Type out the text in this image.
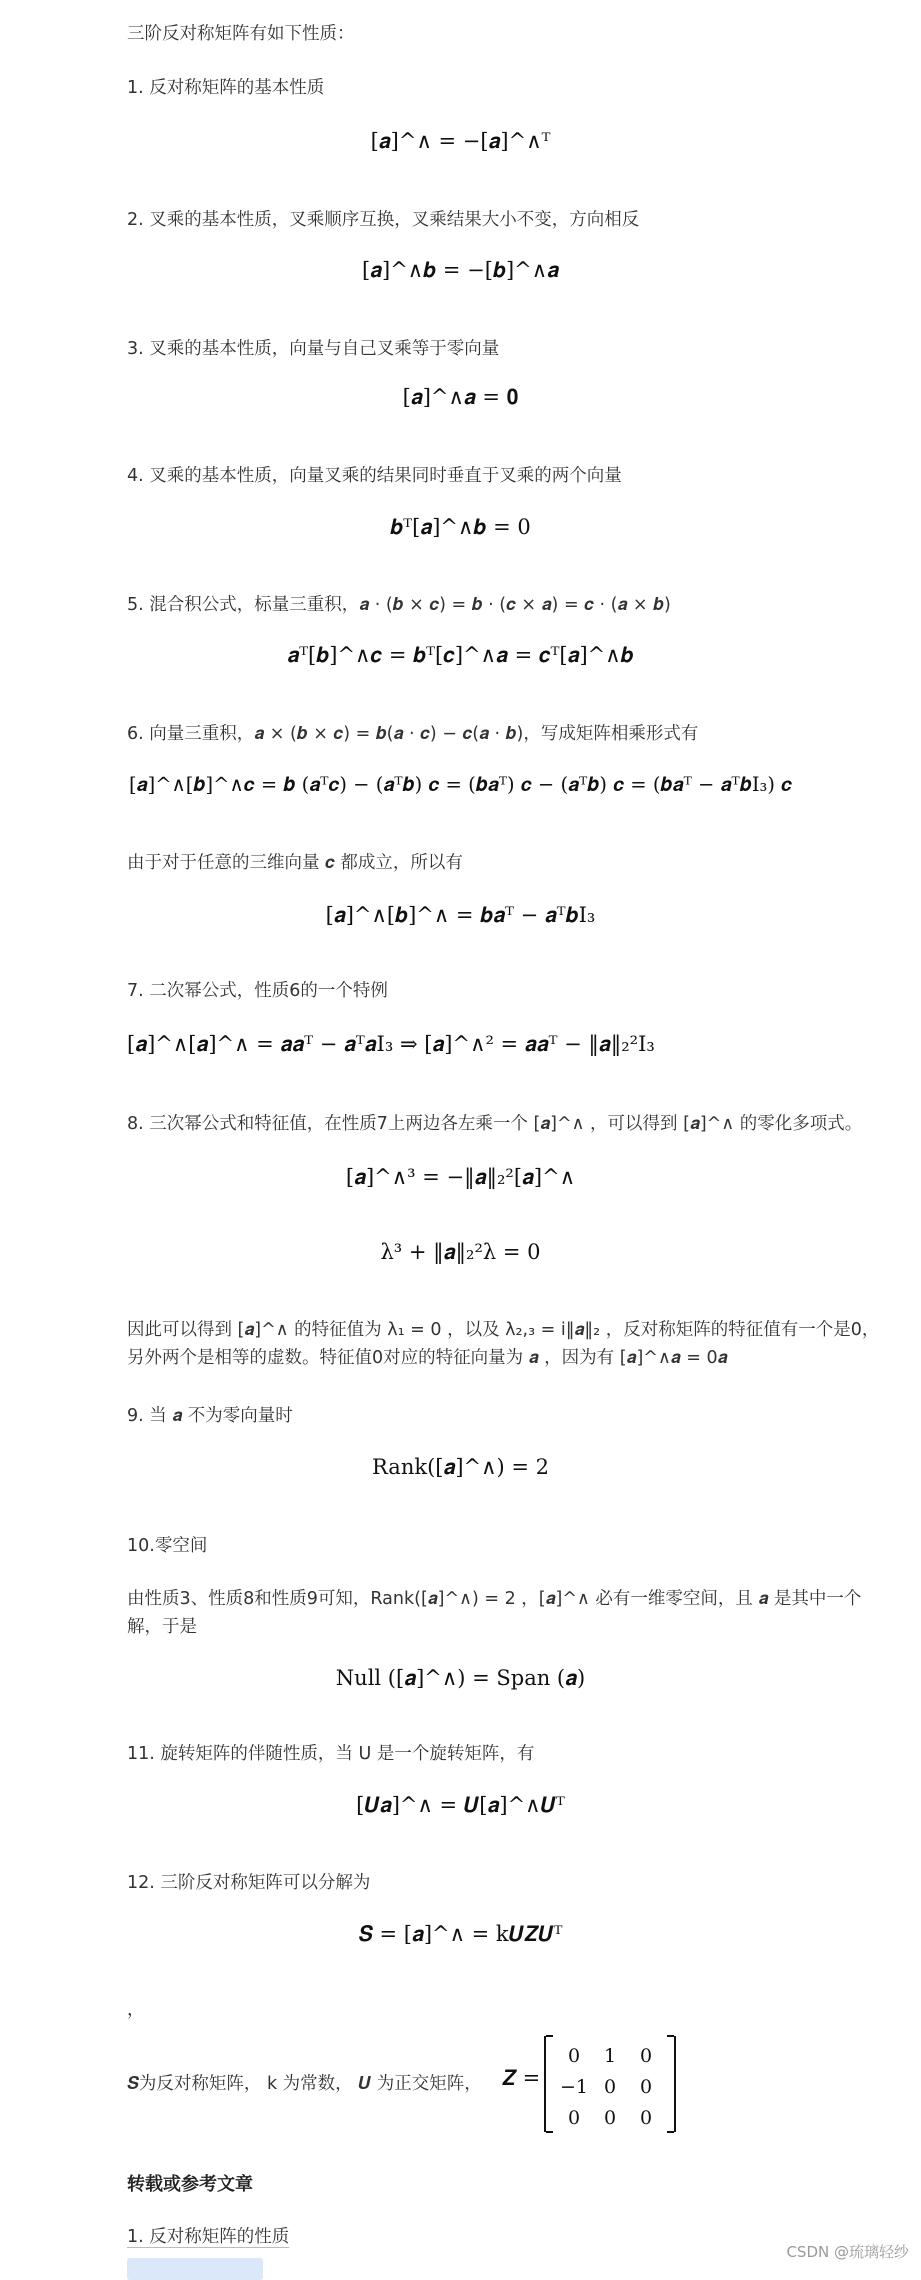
三阶反对称矩阵有如下性质：
1. 反对称矩阵的基本性质
[𝒂]^∧ = −[𝒂]^∧ᵀ
2. 叉乘的基本性质，叉乘顺序互换，叉乘结果大小不变，方向相反
[𝒂]^∧𝒃 = −[𝒃]^∧𝒂
3. 叉乘的基本性质，向量与自己叉乘等于零向量
[𝒂]^∧𝒂 = 𝟎
4. 叉乘的基本性质，向量叉乘的结果同时垂直于叉乘的两个向量
𝒃ᵀ[𝒂]^∧𝒃 = 0
5. 混合积公式，标量三重积，𝒂 · (𝒃 × 𝒄) = 𝒃 · (𝒄 × 𝒂) = 𝒄 · (𝒂 × 𝒃)
𝒂ᵀ[𝒃]^∧𝒄 = 𝒃ᵀ[𝒄]^∧𝒂 = 𝒄ᵀ[𝒂]^∧𝒃
6. 向量三重积，𝒂 × (𝒃 × 𝒄) = 𝒃(𝒂 · 𝒄) − 𝒄(𝒂 · 𝒃)，写成矩阵相乘形式有
[𝒂]^∧[𝒃]^∧𝒄 = 𝒃 (𝒂ᵀ𝒄) − (𝒂ᵀ𝒃) 𝒄 = (𝒃𝒂ᵀ) 𝒄 − (𝒂ᵀ𝒃) 𝒄 = (𝒃𝒂ᵀ − 𝒂ᵀ𝒃I₃) 𝒄
由于对于任意的三维向量 𝒄 都成立，所以有
[𝒂]^∧[𝒃]^∧ = 𝒃𝒂ᵀ − 𝒂ᵀ𝒃I₃
7. 二次幂公式，性质6的一个特例
[𝒂]^∧[𝒂]^∧ = 𝒂𝒂ᵀ − 𝒂ᵀ𝒂I₃ ⇒ [𝒂]^∧² = 𝒂𝒂ᵀ − ‖𝒂‖₂²I₃
8. 三次幂公式和特征值，在性质7上两边各左乘一个 [𝒂]^∧ ，可以得到 [𝒂]^∧ 的零化多项式。
[𝒂]^∧³ = −‖𝒂‖₂²[𝒂]^∧
λ³ + ‖𝒂‖₂²λ = 0
因此可以得到 [𝒂]^∧ 的特征值为 λ₁ = 0 ，以及 λ₂,₃ = i‖𝒂‖₂ ，反对称矩阵的特征值有一个是0，另外两个是相等的虚数。特征值0对应的特征向量为 𝒂 ，因为有 [𝒂]^∧𝒂 = 0𝒂
9. 当 𝒂 不为零向量时
Rank([𝒂]^∧) = 2
10.零空间
由性质3、性质8和性质9可知，Rank([𝒂]^∧) = 2 ，[𝒂]^∧ 必有一维零空间，且 𝒂 是其中一个解，于是
Null ([𝒂]^∧) = Span (𝒂)
11. 旋转矩阵的伴随性质，当 U 是一个旋转矩阵，有
[𝑼𝒂]^∧ = 𝑼[𝒂]^∧𝑼ᵀ
12. 三阶反对称矩阵可以分解为
𝑺 = [𝒂]^∧ = k𝑼𝒁𝑼ᵀ
，
𝑺为反对称矩阵， k 为常数， 𝑼 为正交矩阵， 𝒁 =
0	1	0
−1	0	0
0	0	0
转载或参考文章
1. 反对称矩阵的性质
CSDN @琉璃轻纱
